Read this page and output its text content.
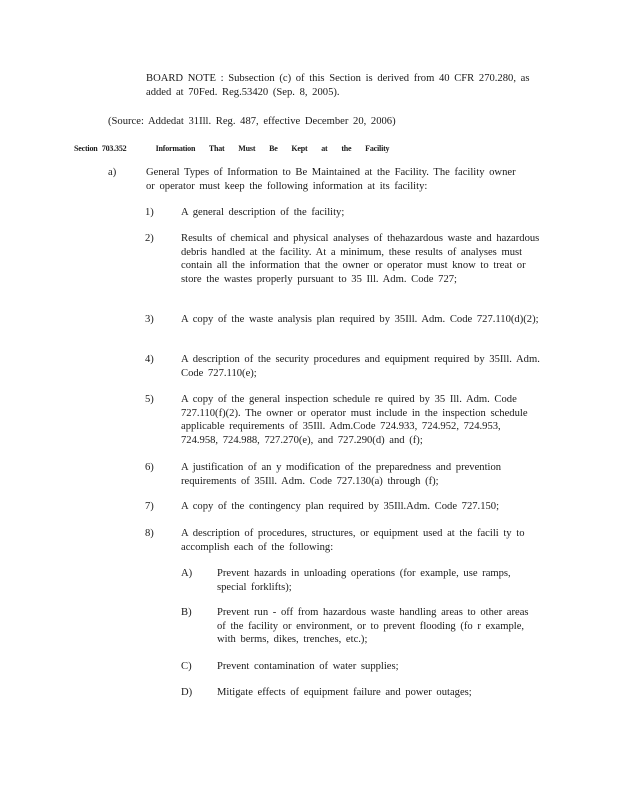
BOARD NOTE : Subsection (c) of this Section is derived from 40 CFR 270.280, as added at 70Fed. Reg.53420 (Sep. 8, 2005).
(Source: Addedat 31Ill. Reg. 487, effective December 20, 2006)
Section 703.352	Information That Must Be Kept at the Facility
a)	General Types of Information to Be Maintained at the Facility. The facility owner or operator must keep the following information at its facility:
1)	A general description of the facility;
2)	Results of chemical and physical analyses of thehazardous waste and hazardous debris handled at the facility. At a minimum, these results of analyses must contain all the information that the owner or operator must know to treat or store the wastes properly pursuant to 35 Ill. Adm. Code 727;
3)	A copy of the waste analysis plan required by 35Ill. Adm. Code 727.110(d)(2);
4)	A description of the security procedures and equipment required by 35Ill. Adm. Code 727.110(e);
5)	A copy of the general inspection schedule re quired by 35 Ill. Adm. Code 727.110(f)(2). The owner or operator must include in the inspection schedule applicable requirements of 35Ill. Adm.Code 724.933, 724.952, 724.953, 724.958, 724.988, 727.270(e), and 727.290(d) and (f);
6)	A justification of an y modification of the preparedness and prevention requirements of 35Ill. Adm. Code 727.130(a) through (f);
7)	A copy of the contingency plan required by 35Ill.Adm. Code 727.150;
8)	A description of procedures, structures, or equipment used at the facili ty to accomplish each of the following:
A) Prevent hazards in unloading operations (for example, use ramps, special forklifts);
B) Prevent run - off from hazardous waste handling areas to other areas of the facility or environment, or to prevent flooding (fo r example, with berms, dikes, trenches, etc.);
C) Prevent contamination of water supplies;
D) Mitigate effects of equipment failure and power outages;
